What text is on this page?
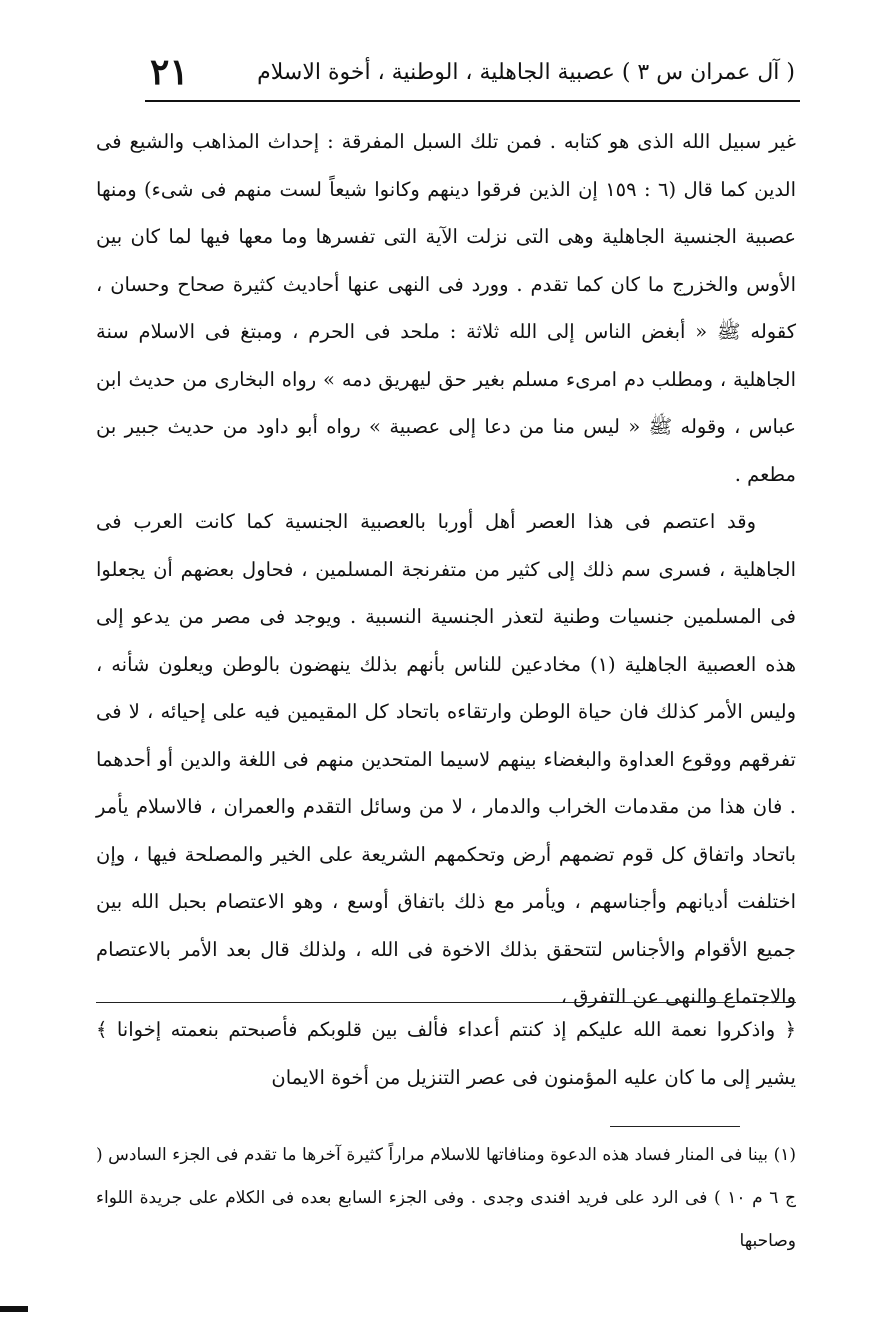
( آل عمران س ٣ ) عصبية الجاهلية ، الوطنية ، أخوة الاسلام
٢١

غير سبيل الله الذى هو كتابه . فمن تلك السبل المفرقة : إحداث المذاهب والشيع فى الدين كما قال (٦ : ١٥٩ إن الذين فرقوا دينهم وكانوا شيعاً لست منهم فى شىء) ومنها عصبية الجنسية الجاهلية وهى التى نزلت الآية التى تفسرها وما معها فيها لما كان بين الأوس والخزرج ما كان كما تقدم . وورد فى النهى عنها أحاديث كثيرة صحاح وحسان ، كقوله ﷺ « أبغض الناس إلى الله ثلاثة : ملحد فى الحرم ، ومبتغ فى الاسلام سنة الجاهلية ، ومطلب دم امرىء مسلم بغير حق ليهريق دمه » رواه البخارى من حديث ابن عباس ، وقوله ﷺ « ليس منا من دعا إلى عصبية » رواه أبو داود من حديث جبير بن مطعم .

وقد اعتصم فى هذا العصر أهل أوربا بالعصبية الجنسية كما كانت العرب فى الجاهلية ، فسرى سم ذلك إلى كثير من متفرنجة المسلمين ، فحاول بعضهم أن يجعلوا فى المسلمين جنسيات وطنية لتعذر الجنسية النسبية . ويوجد فى مصر من يدعو إلى هذه العصبية الجاهلية (١) مخادعين للناس بأنهم بذلك ينهضون بالوطن ويعلون شأنه ، وليس الأمر كذلك فان حياة الوطن وارتقاءه باتحاد كل المقيمين فيه على إحيائه ، لا فى تفرقهم ووقوع العداوة والبغضاء بينهم لاسيما المتحدين منهم فى اللغة والدين أو أحدهما . فان هذا من مقدمات الخراب والدمار ، لا من وسائل التقدم والعمران ، فالاسلام يأمر باتحاد واتفاق كل قوم تضمهم أرض وتحكمهم الشريعة على الخير والمصلحة فيها ، وإن اختلفت أديانهم وأجناسهم ، ويأمر مع ذلك باتفاق أوسع ، وهو الاعتصام بحبل الله بين جميع الأقوام والأجناس لتتحقق بذلك الاخوة فى الله ، ولذلك قال بعد الأمر بالاعتصام والاجتماع والنهى عن التفرق ،

﴿ واذكروا نعمة الله عليكم إذ كنتم أعداء فألف بين قلوبكم فأصبحتم بنعمته إخوانا ﴾ يشير إلى ما كان عليه المؤمنون فى عصر التنزيل من أخوة الايمان

(١) بينا فى المنار فساد هذه الدعوة ومنافاتها للاسلام مراراً كثيرة آخرها ما تقدم فى الجزء السادس ( ج ٦ م ١٠ ) فى الرد على فريد افندى وجدى . وفى الجزء السابع بعده فى الكلام على جريدة اللواء وصاحبها
